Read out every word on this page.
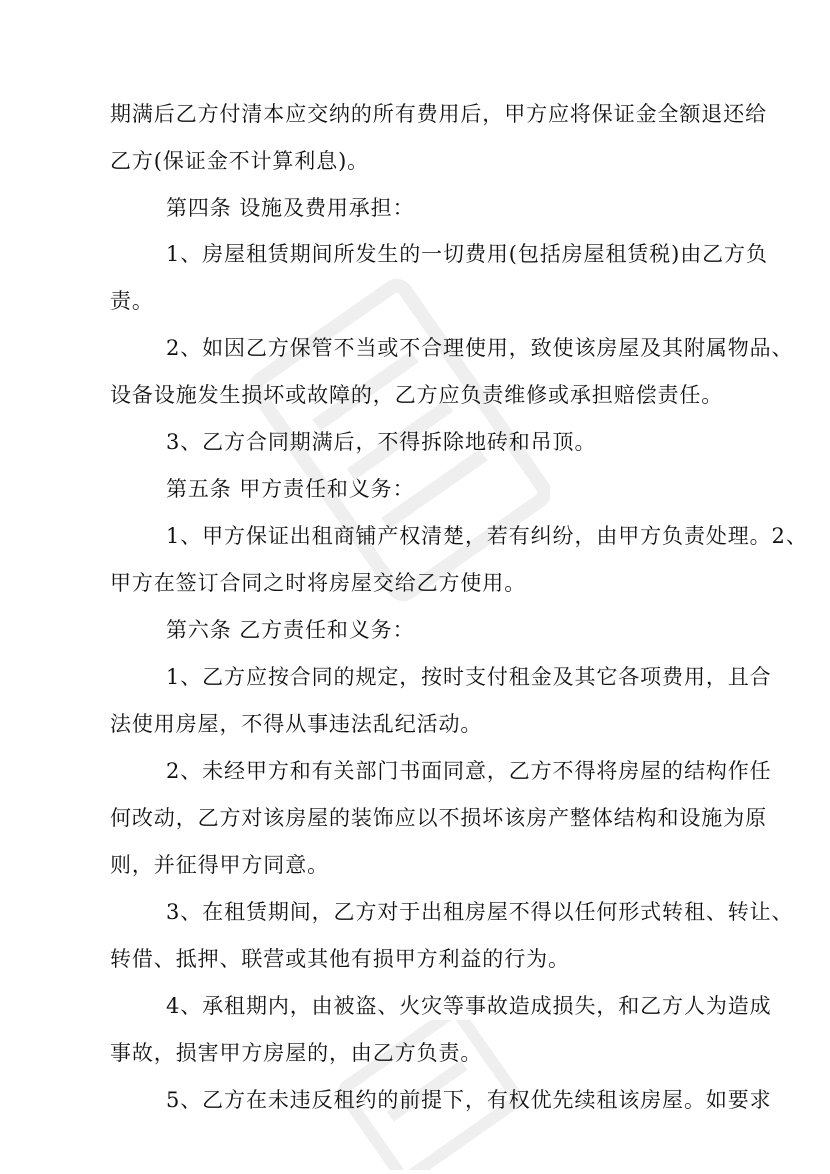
期满后乙方付清本应交纳的所有费用后，甲方应将保证金全额退还给
乙方(保证金不计算利息)。
第四条 设施及费用承担：
1、房屋租赁期间所发生的一切费用(包括房屋租赁税)由乙方负
责。
2、如因乙方保管不当或不合理使用，致使该房屋及其附属物品、
设备设施发生损坏或故障的，乙方应负责维修或承担赔偿责任。
3、乙方合同期满后，不得拆除地砖和吊顶。
第五条 甲方责任和义务：
1、甲方保证出租商铺产权清楚，若有纠纷，由甲方负责处理。2、
甲方在签订合同之时将房屋交给乙方使用。
第六条 乙方责任和义务：
1、乙方应按合同的规定，按时支付租金及其它各项费用，且合
法使用房屋，不得从事违法乱纪活动。
2、未经甲方和有关部门书面同意，乙方不得将房屋的结构作任
何改动，乙方对该房屋的装饰应以不损坏该房产整体结构和设施为原
则，并征得甲方同意。
3、在租赁期间，乙方对于出租房屋不得以任何形式转租、转让、
转借、抵押、联营或其他有损甲方利益的行为。
4、承租期内，由被盗、火灾等事故造成损失，和乙方人为造成
事故，损害甲方房屋的，由乙方负责。
5、乙方在未违反租约的前提下，有权优先续租该房屋。如要求
